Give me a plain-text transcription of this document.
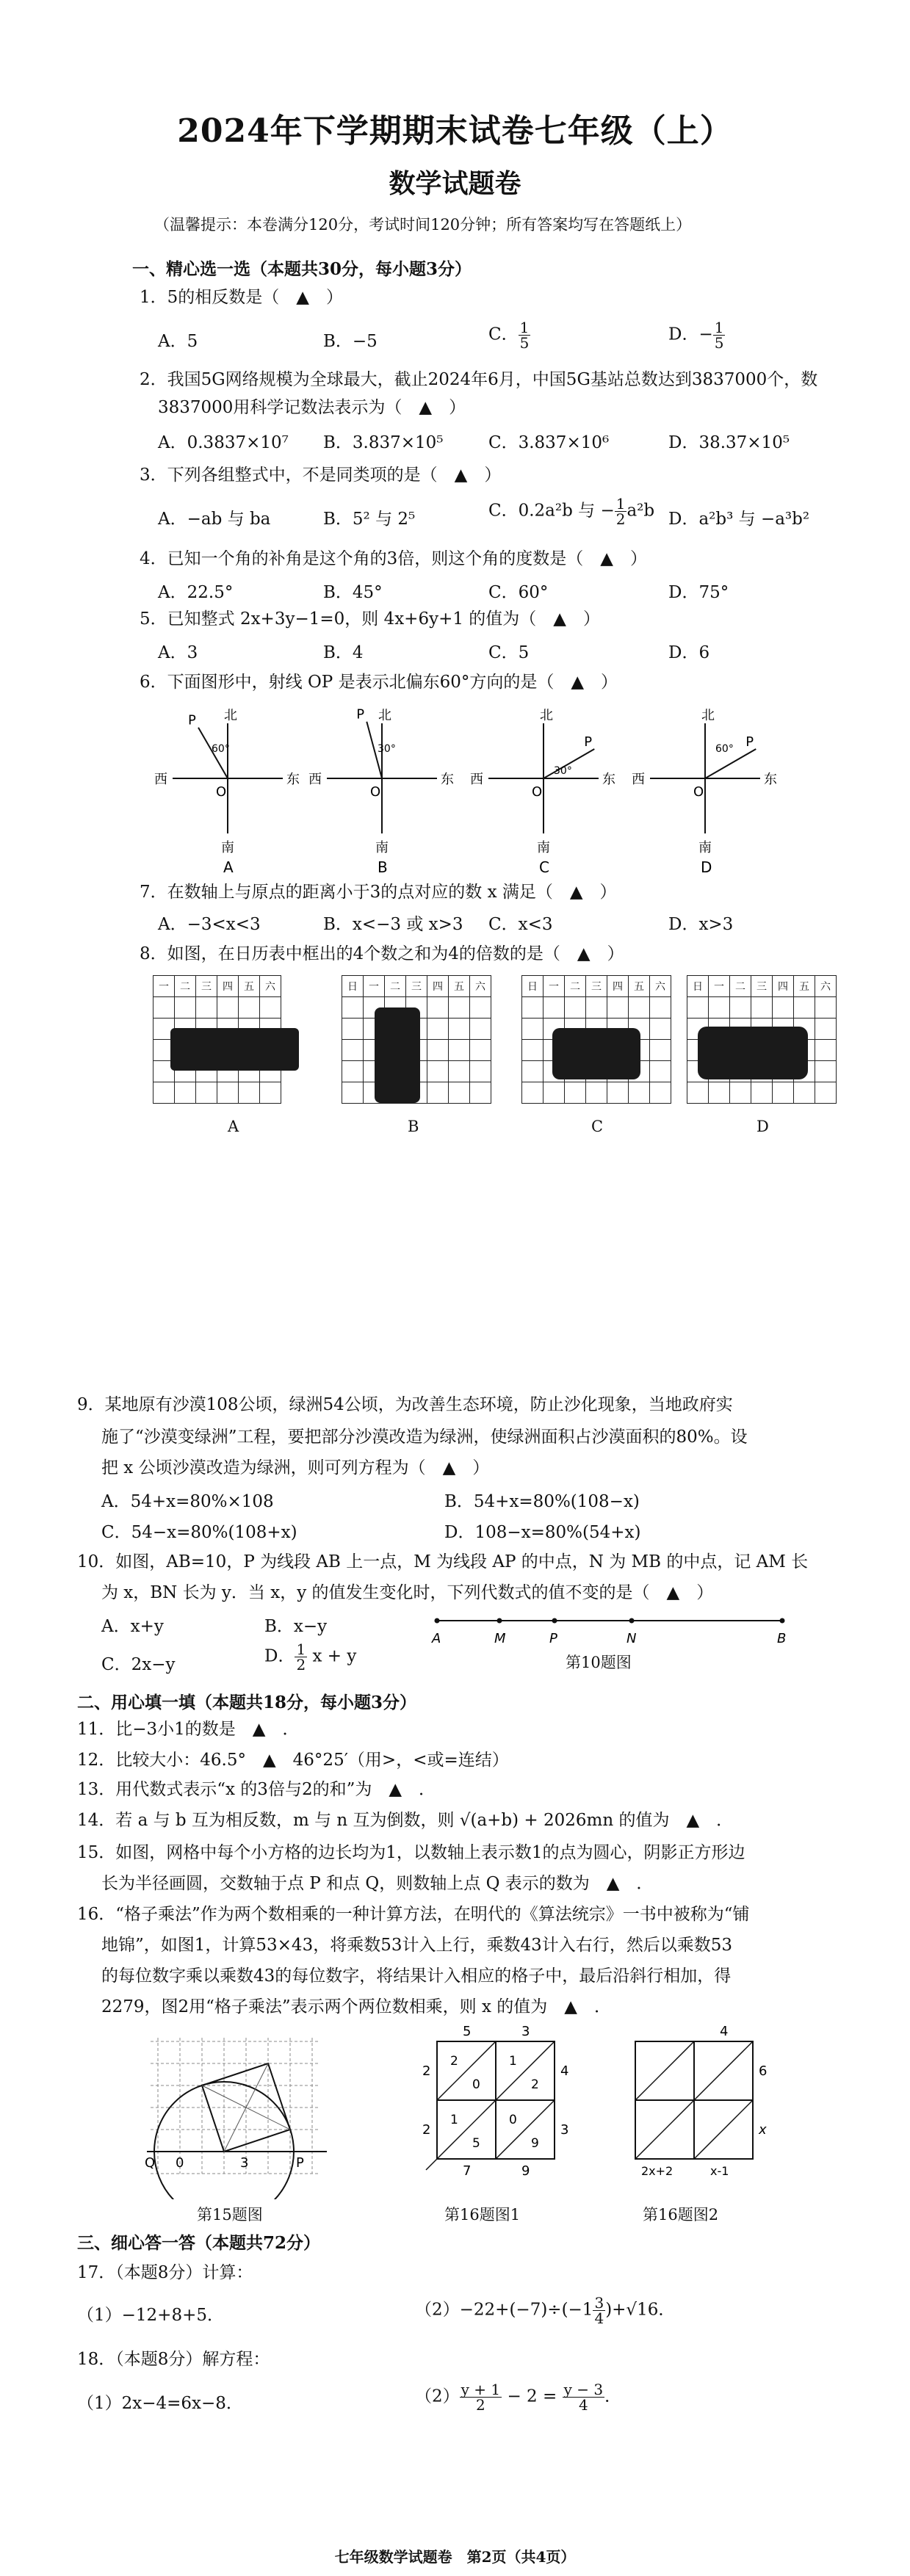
2024年下学期期末试卷七年级（上）
数学试题卷
（温馨提示：本卷满分120分，考试时间120分钟；所有答案均写在答题纸上）
一、精心选一选（本题共30分，每小题3分）
1．5的相反数是（　▲　）
A．5	B．−5	C． $\frac{1}{5}$	D．− $\frac{1}{5}$
2．我国5G网络规模为全球最大，截止2024年6月，中国5G基站总数达到3837000个，数
3837000用科学记数法表示为（　▲　）
A．0.3837×10⁷ B．3.837×10⁵	C．3.837×10⁶	D．38.37×10⁵
3．下列各组整式中，不是同类项的是（　▲　）
A．−ab 与 ba	B．5² 与 2⁵	C．0.2a²b 与 − $\frac{1}{2} a^2b$ D．a²b³ 与 −a³b²
4．已知一个角的补角是这个角的3倍，则这个角的度数是（　▲　）
A．22.5°	B．45°	C．60°	D．75°
5．已知整式 2x+3y−1=0，则 4x+6y+1 的值为（　▲　）
A．3	B．4	C．5	D．6
6．下面图形中，射线 OP 是表示北偏东60°方向的是（　▲　）
P 北
南
西	东
O
60°
A
P 北
南
西	东
O
30°
B
P
北
南
西	东
O
30°
C
P
北
南
西	东
O
60°
D
7．在数轴上与原点的距离小于3的点对应的数 x 满足（　▲　）
A．−3<x<3	B．x<−3 或 x>3 C．x<3	D．x>3
8．如图，在日历表中框出的4个数之和为4的倍数的是（　▲　）
一	二	三	四	五	六

						日	一	二	三	四	五	六

							日	一	二	三	四	五	六

							日	一	二	三	四	五	六

A	B	C	D
9．某地原有沙漠108公顷，绿洲54公顷，为改善生态环境，防止沙化现象，当地政府实
施了“沙漠变绿洲”工程，要把部分沙漠改造为绿洲，使绿洲面积占沙漠面积的80%。设
把 x 公顷沙漠改造为绿洲，则可列方程为（　▲　）
A．54+x=80%×108	B．54+x=80%(108−x)
C．54−x=80%(108+x)	D．108−x=80%(54+x)
10．如图，AB=10，P 为线段 AB 上一点，M 为线段 AP 的中点，N 为 MB 的中点，记 AM 长
为 x，BN 长为 y．当 x，y 的值发生变化时，下列代数式的值不变的是（　▲　）
A．x+y	B．x−y
C．2x−y	D． $\frac{1}{2}$ x + y
A	M	P	N	B
第10题图
二、用心填一填（本题共18分，每小题3分）
11．比−3小1的数是　▲　．
12．比较大小：46.5°　▲　46°25′（用>，<或=连结）
13．用代数式表示“x 的3倍与2的和”为　▲　．
14．若 a 与 b 互为相反数，m 与 n 互为倒数，则 √(a+b) + 2026mn 的值为　▲　．
15．如图，网格中每个小方格的边长均为1，以数轴上表示数1的点为圆心，阴影正方形边
长为半径画圆，交数轴于点 P 和点 Q，则数轴上点 Q 表示的数为　▲　．
16．“格子乘法”作为两个数相乘的一种计算方法，在明代的《算法统宗》一书中被称为“铺
地锦”，如图1，计算53×43，将乘数53计入上行，乘数43计入右行，然后以乘数53
的每位数字乘以乘数43的每位数字，将结果计入相应的格子中，最后沿斜行相加，得
2279，图2用“格子乘法”表示两个两位数相乘，则 x 的值为　▲　．
Q 0	3	P
第15题图
5	3
4
3
2
2
7	9
2
0
1
2
1
5
0
9
第16题图1
4
6
x
2x+2	x-1
第16题图2
三、细心答一答（本题共72分）
17．（本题8分）计算：
（1）−12+8+5．	$(2)-22+(-7)\div(-1 \frac{3}{4} )+√16$．
18．（本题8分）解方程：
（1）2x−4=6x−8．	$(2) \frac{y + 1}{2} - 2 = \frac{y - 3}{4}$ ．
七年级数学试题卷　第2页（共4页）
